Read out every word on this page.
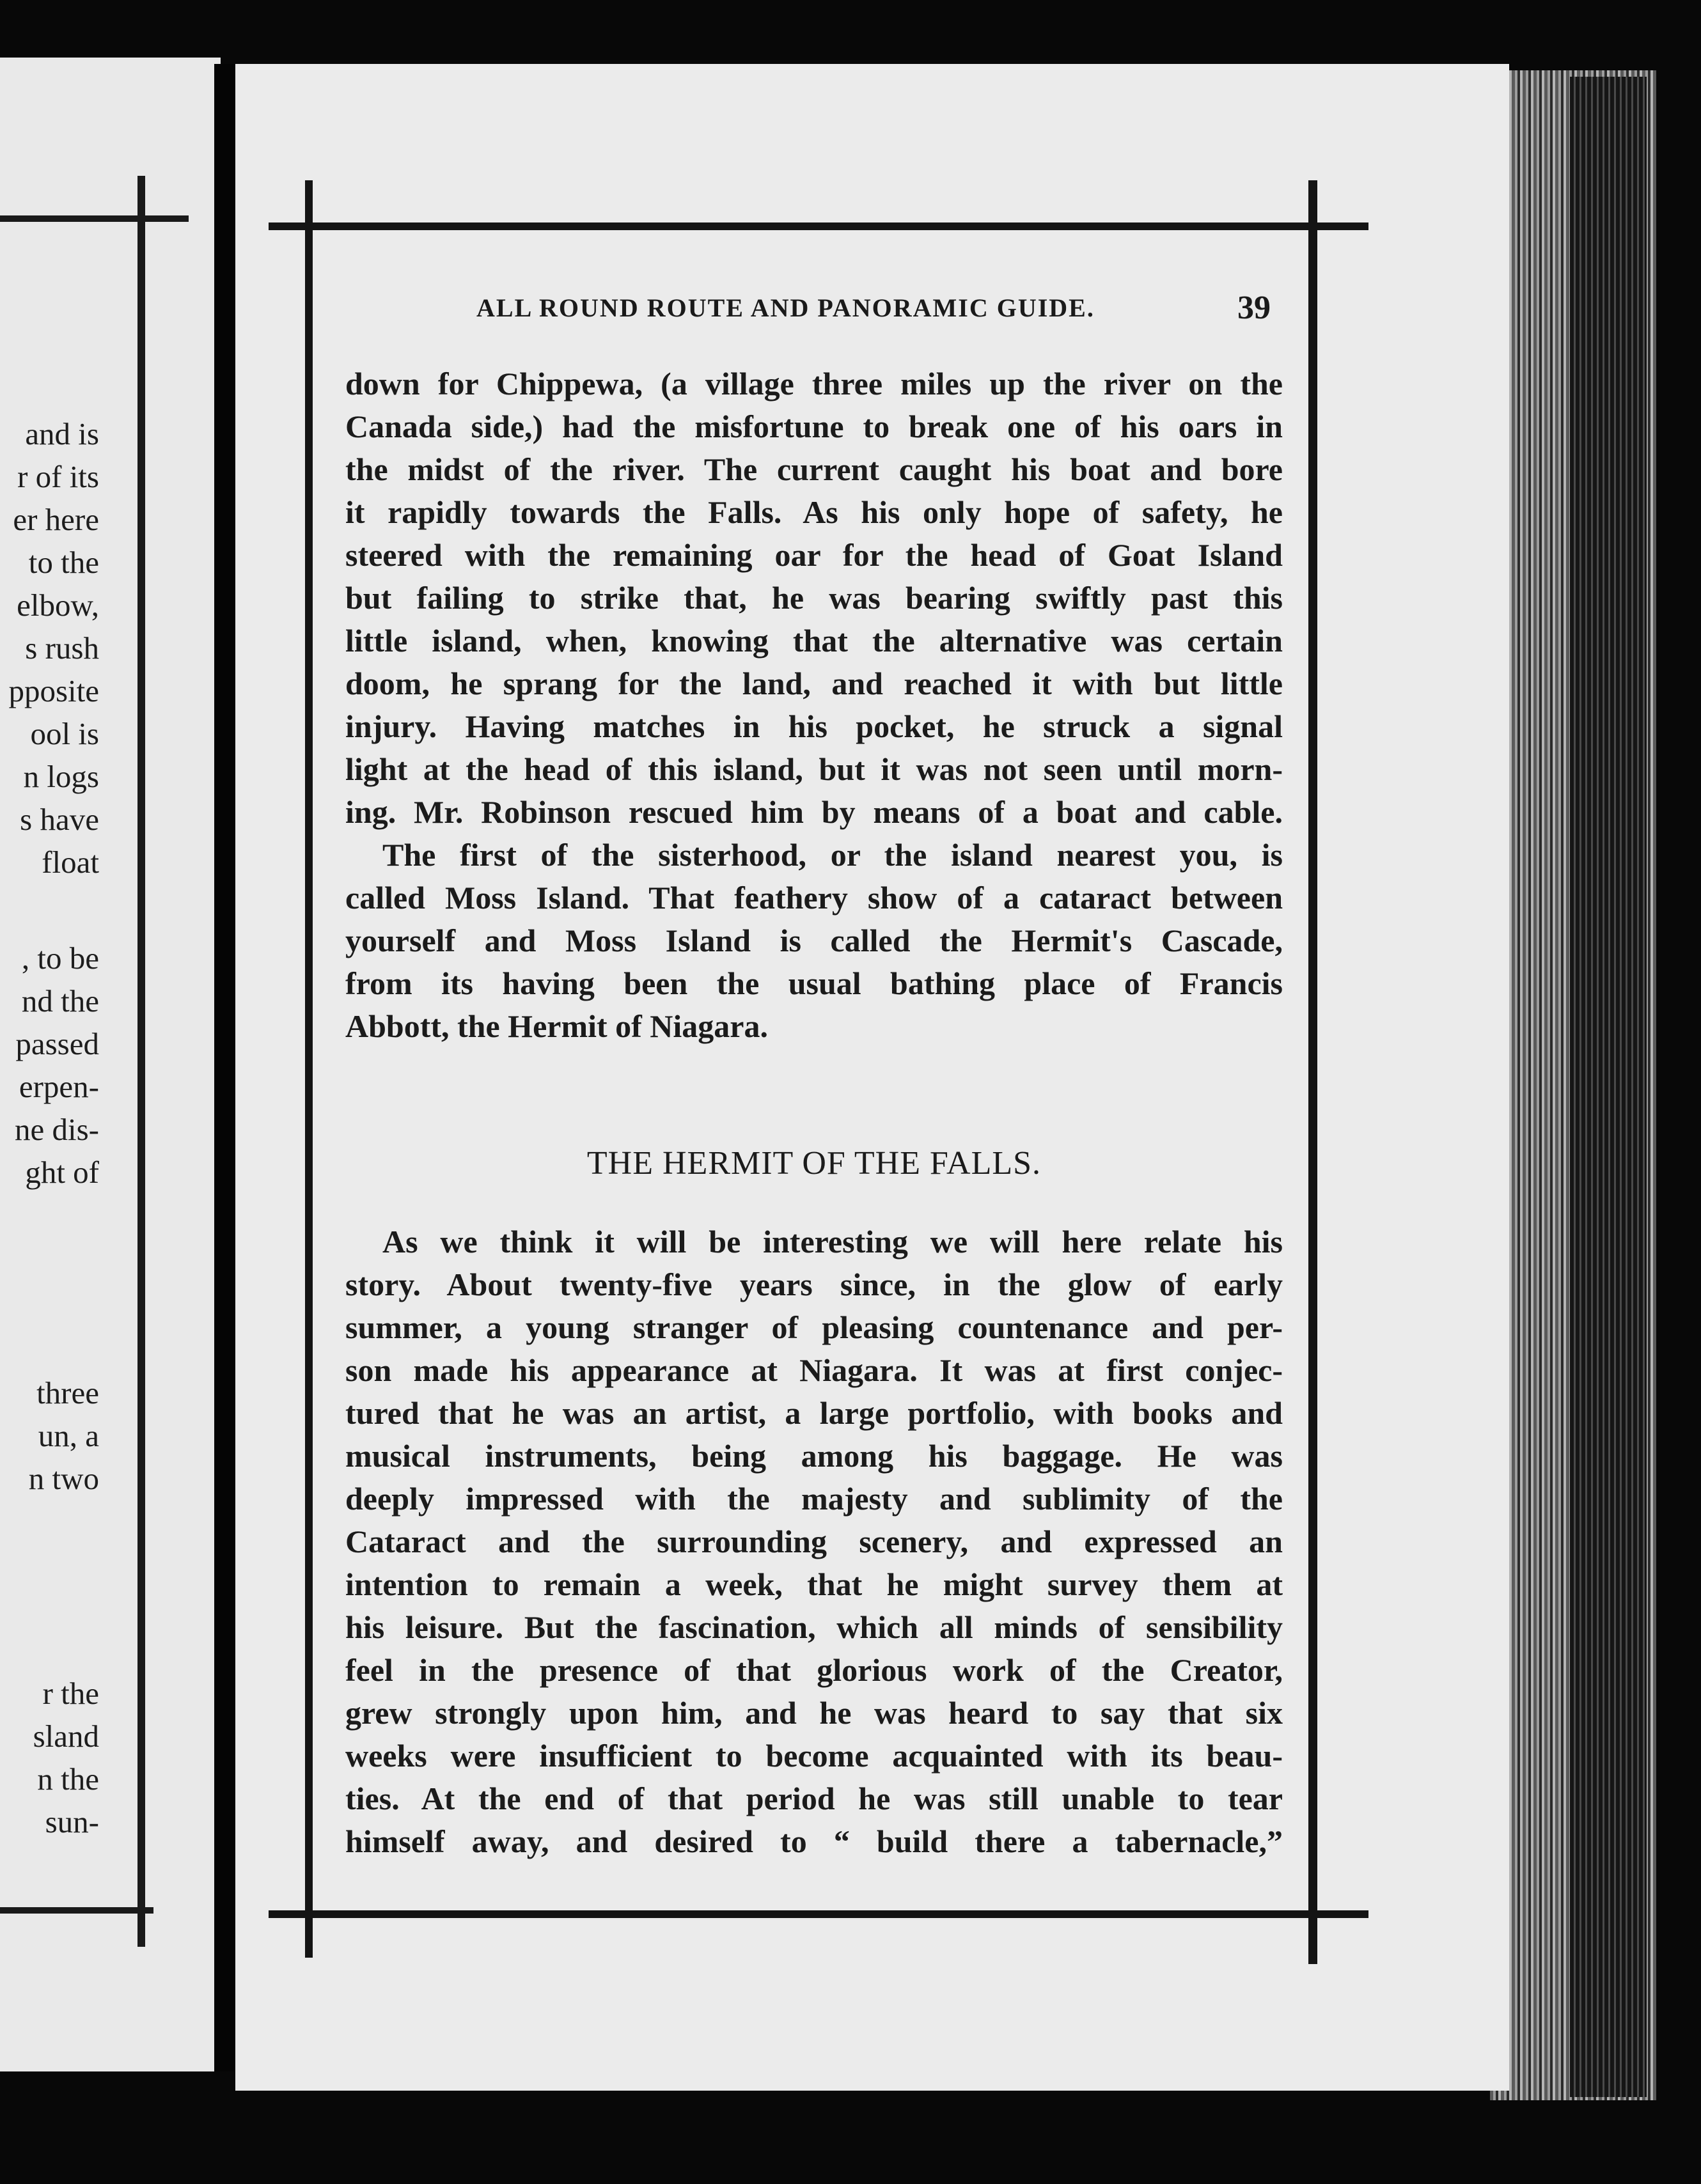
and is
r of its
er here
to the
elbow,
s rush
pposite
ool is
n logs
s have
float
, to be
nd the
passed
erpen-
ne dis-
ght of
three
un, a
n two
r the
sland
n the
sun-
ALL ROUND ROUTE AND PANORAMIC GUIDE.	39
down for Chippewa, (a village three miles up the river on the
Canada side,) had the misfortune to break one of his oars in
the midst of the river. The current caught his boat and bore
it rapidly towards the Falls. As his only hope of safety, he
steered with the remaining oar for the head of Goat Island
but failing to strike that, he was bearing swiftly past this
little island, when, knowing that the alternative was certain
doom, he sprang for the land, and reached it with but little
injury. Having matches in his pocket, he struck a signal
light at the head of this island, but it was not seen until morn-
ing. Mr. Robinson rescued him by means of a boat and cable.
The first of the sisterhood, or the island nearest you, is
called Moss Island. That feathery show of a cataract between
yourself and Moss Island is called the Hermit's Cascade,
from its having been the usual bathing place of Francis
Abbott, the Hermit of Niagara.
THE HERMIT OF THE FALLS.
As we think it will be interesting we will here relate his
story. About twenty-five years since, in the glow of early
summer, a young stranger of pleasing countenance and per-
son made his appearance at Niagara. It was at first conjec-
tured that he was an artist, a large portfolio, with books and
musical instruments, being among his baggage. He was
deeply impressed with the majesty and sublimity of the
Cataract and the surrounding scenery, and expressed an
intention to remain a week, that he might survey them at
his leisure. But the fascination, which all minds of sensibility
feel in the presence of that glorious work of the Creator,
grew strongly upon him, and he was heard to say that six
weeks were insufficient to become acquainted with its beau-
ties. At the end of that period he was still unable to tear
himself away, and desired to “ build there a tabernacle,”
